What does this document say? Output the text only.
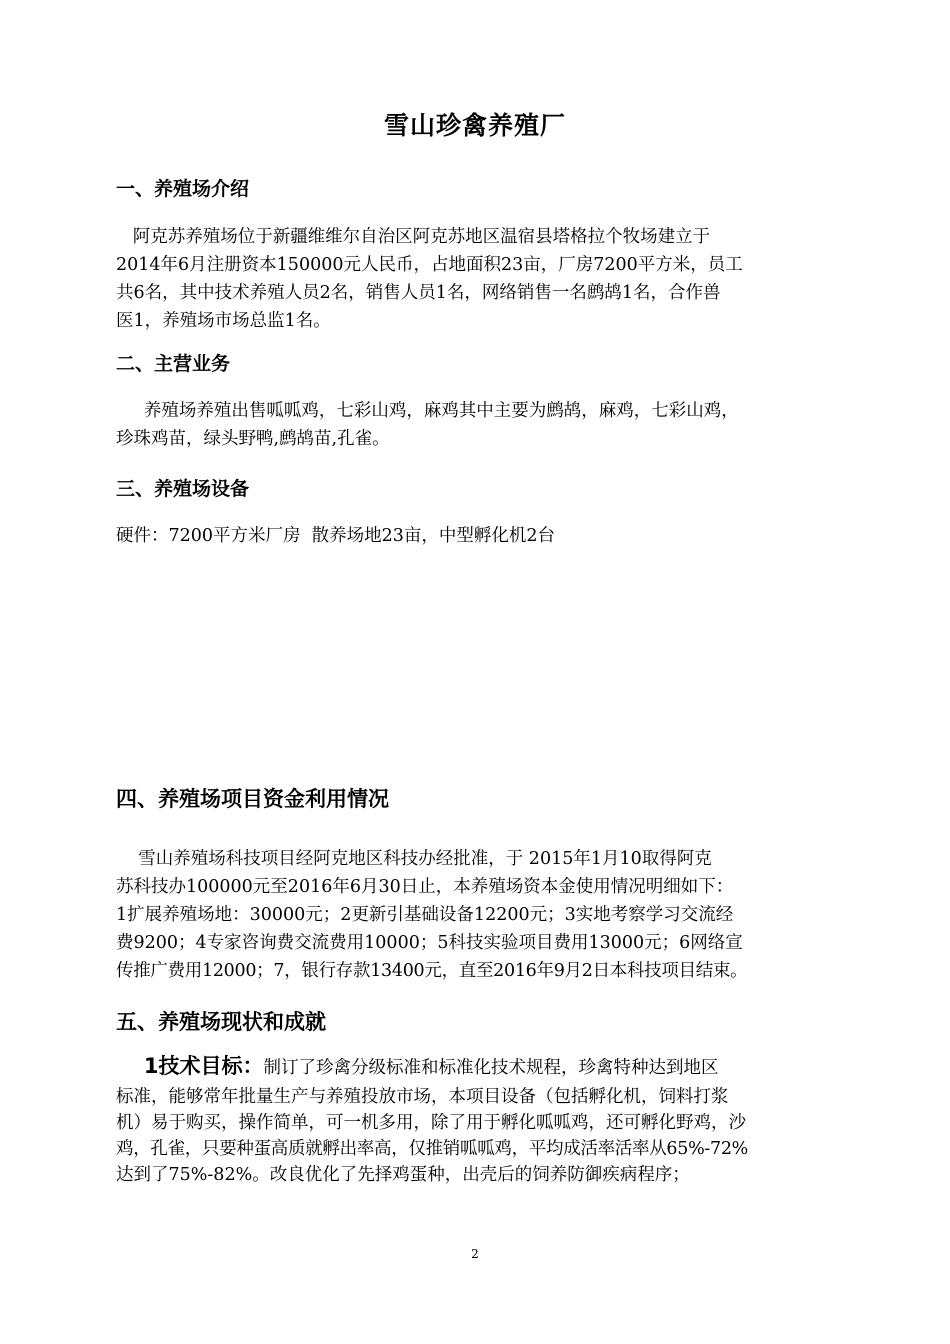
雪山珍禽养殖厂
一、养殖场介绍

阿克苏养殖场位于新疆维维尔自治区阿克苏地区温宿县塔格拉个牧场建立于
2014年6月注册资本150000元人民币，占地面积23亩，厂房7200平方米，员工
共6名，其中技术养殖人员2名，销售人员1名，网络销售一名鹧鸪1名，合作兽
医1，养殖场市场总监1名。

二、主营业务

养殖场养殖出售呱呱鸡，七彩山鸡，麻鸡其中主要为鹧鸪，麻鸡，七彩山鸡，
珍珠鸡苗，绿头野鸭,鹧鸪苗,孔雀。

三、养殖场设备

硬件：7200平方米厂房  散养场地23亩，中型孵化机2台

四、养殖场项目资金利用情况

雪山养殖场科技项目经阿克地区科技办经批准，于 2015年1月10取得阿克
苏科技办100000元至2016年6月30日止，本养殖场资本金使用情况明细如下：
1扩展养殖场地：30000元；2更新引基础设备12200元；3实地考察学习交流经
费9200；4专家咨询费交流费用10000；5科技实验项目费用13000元；6网络宣
传推广费用12000；7，银行存款13400元，直至2016年9月2日本科技项目结束。

五、养殖场现状和成就

1技术目标：制订了珍禽分级标准和标准化技术规程，珍禽特种达到地区
标准，能够常年批量生产与养殖投放市场，本项目设备（包括孵化机，饲料打浆
机）易于购买，操作简单，可一机多用，除了用于孵化呱呱鸡，还可孵化野鸡，沙
鸡，孔雀，只要种蛋高质就孵出率高，仅推销呱呱鸡，平均成活率活率从65%-72%
达到了75%-82%。改良优化了先择鸡蛋种，出壳后的饲养防御疾病程序；

2
